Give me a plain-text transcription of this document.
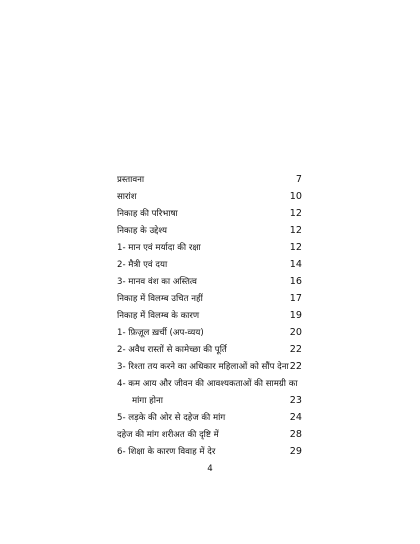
प्रस्तावना	7
सारांश	10
निकाह की परिभाषा	12
निकाह के उद्देश्य	12
1- मान एवं मर्यादा की रक्षा	12
2- मैत्री एवं दया	14
3- मानव वंश का अस्तित्व	16
निकाह में विलम्ब उचित नहीं	17
निकाह में विलम्ब के कारण	19
1- फ़िज़ूल ख़र्ची (अप-व्यय)	20
2- अवैध रास्तों से कामेच्छा की पूर्ति	22
3- रिश्ता तय करने का अधिकार महिलाओं को सौंप देना 22
4- कम आय और जीवन की आवश्यकताओं की सामग्री का
मांगा होना	23
5- लड़के की ओर से दहेज की मांग	24
दहेज की मांग शरीअत की दृष्टि में	28
6- शिक्षा के कारण विवाह में देर	29
4
